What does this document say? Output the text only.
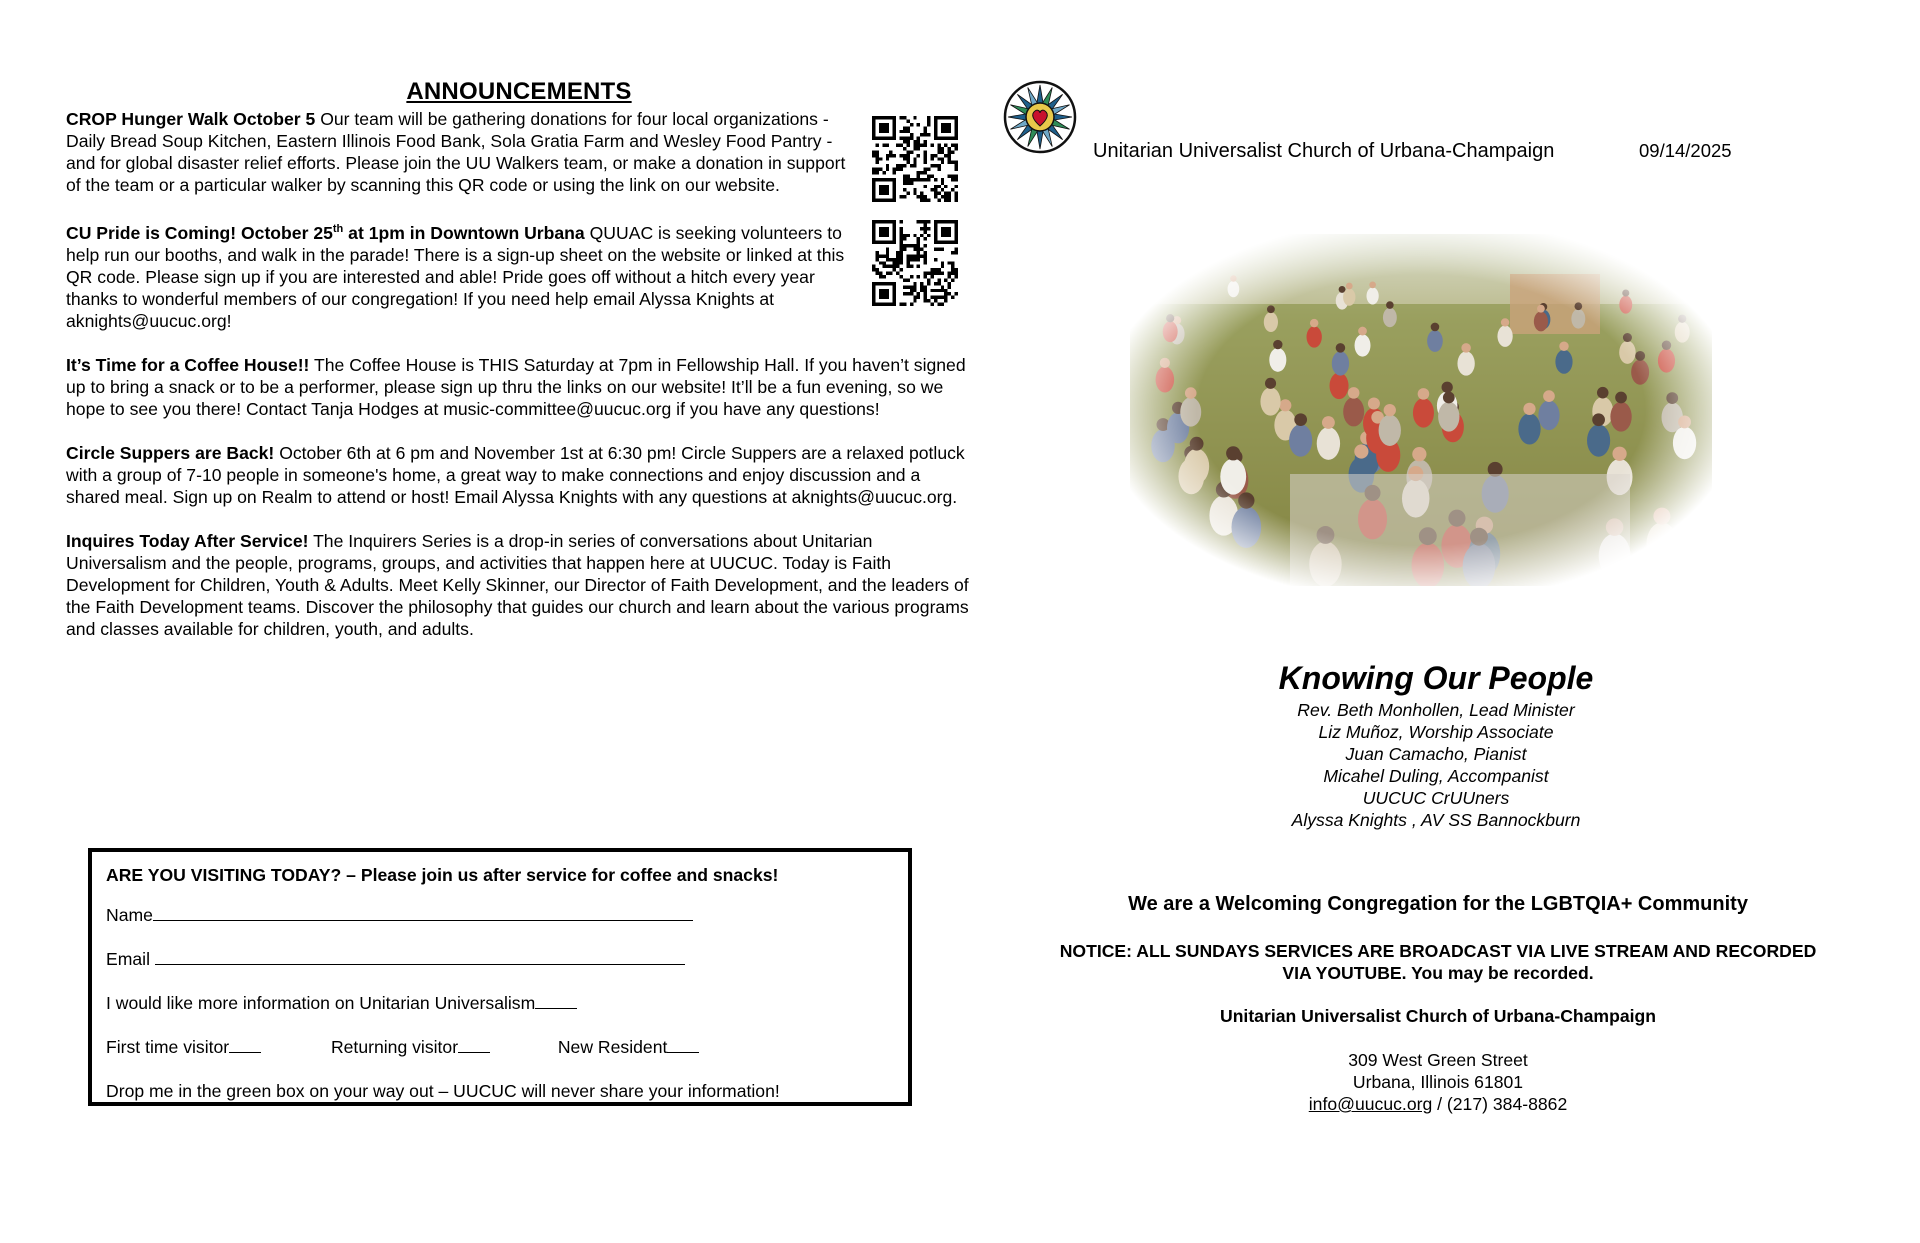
ANNOUNCEMENTS
CROP Hunger Walk October 5 Our team will be gathering donations for four local organizations - Daily Bread Soup Kitchen, Eastern Illinois Food Bank, Sola Gratia Farm and Wesley Food Pantry -and for global disaster relief efforts. Please join the UU Walkers team, or make a donation in support of the team or a particular walker by scanning this QR code or using the link on our website.
CU Pride is Coming! October 25th at 1pm in Downtown Urbana QUUAC is seeking volunteers to help run our booths, and walk in the parade! There is a sign-up sheet on the website or linked at this QR code. Please sign up if you are interested and able! Pride goes off without a hitch every year thanks to wonderful members of our congregation! If you need help email Alyssa Knights at aknights@uucuc.org!
It’s Time for a Coffee House!! The Coffee House is THIS Saturday at 7pm in Fellowship Hall. If you haven’t signed up to bring a snack or to be a performer, please sign up thru the links on our website! It’ll be a fun evening, so we hope to see you there! Contact Tanja Hodges at music-committee@uucuc.org if you have any questions!
Circle Suppers are Back! October 6th at 6 pm and November 1st at 6:30 pm! Circle Suppers are a relaxed potluck with a group of 7-10 people in someone's home, a great way to make connections and enjoy discussion and a shared meal. Sign up on Realm to attend or host! Email Alyssa Knights with any questions at aknights@uucuc.org.
Inquires Today After Service! The Inquirers Series is a drop-in series of conversations about Unitarian Universalism and the people, programs, groups, and activities that happen here at UUCUC. Today is Faith Development for Children, Youth & Adults. Meet Kelly Skinner, our Director of Faith Development, and the leaders of the Faith Development teams. Discover the philosophy that guides our church and learn about the various programs and classes available for children, youth, and adults.
ARE YOU VISITING TODAY? – Please join us after service for coffee and snacks!
Name
Email
I would like more information on Unitarian Universalism
First time visitor	Returning visitor	New Resident
Drop me in the green box on your way out – UUCUC will never share your information!
Unitarian Universalist Church of Urbana-Champaign	09/14/2025
Knowing Our People
Rev. Beth Monhollen, Lead Minister
Liz Muñoz, Worship Associate
Juan Camacho, Pianist
Micahel Duling, Accompanist
UUCUC CrUUners
Alyssa Knights , AV SS Bannockburn
We are a Welcoming Congregation for the LGBTQIA+ Community
NOTICE: ALL SUNDAYS SERVICES ARE BROADCAST VIA LIVE STREAM AND RECORDED
VIA YOUTUBE. You may be recorded.
Unitarian Universalist Church of Urbana-Champaign
309 West Green Street
Urbana, Illinois 61801
info@uucuc.org / (217) 384-8862
